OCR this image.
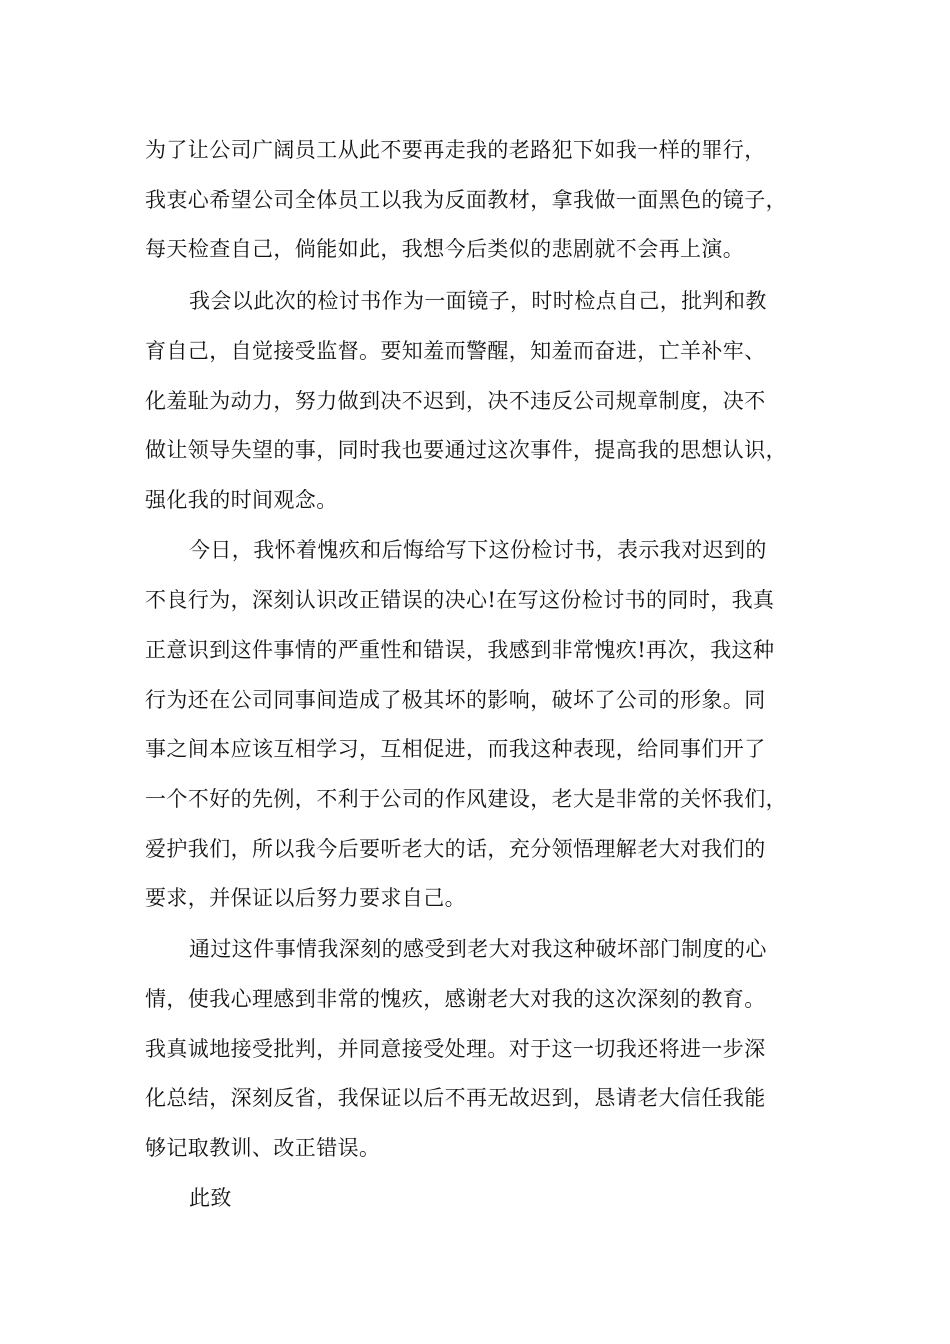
为了让公司广阔员工从此不要再走我的老路犯下如我一样的罪行，
我衷心希望公司全体员工以我为反面教材，拿我做一面黑色的镜子，
每天检查自己，倘能如此，我想今后类似的悲剧就不会再上演。
我会以此次的检讨书作为一面镜子，时时检点自己，批判和教
育自己，自觉接受监督。要知羞而警醒，知羞而奋进，亡羊补牢、
化羞耻为动力，努力做到决不迟到，决不违反公司规章制度，决不
做让领导失望的事，同时我也要通过这次事件，提高我的思想认识，
强化我的时间观念。
今日，我怀着愧疚和后悔给写下这份检讨书，表示我对迟到的
不良行为，深刻认识改正错误的决心!在写这份检讨书的同时，我真
正意识到这件事情的严重性和错误，我感到非常愧疚!再次，我这种
行为还在公司同事间造成了极其坏的影响，破坏了公司的形象。同
事之间本应该互相学习，互相促进，而我这种表现，给同事们开了
一个不好的先例，不利于公司的作风建设，老大是非常的关怀我们，
爱护我们，所以我今后要听老大的话，充分领悟理解老大对我们的
要求，并保证以后努力要求自己。
通过这件事情我深刻的感受到老大对我这种破坏部门制度的心
情，使我心理感到非常的愧疚，感谢老大对我的这次深刻的教育。
我真诚地接受批判，并同意接受处理。对于这一切我还将进一步深
化总结，深刻反省，我保证以后不再无故迟到，恳请老大信任我能
够记取教训、改正错误。
此致
